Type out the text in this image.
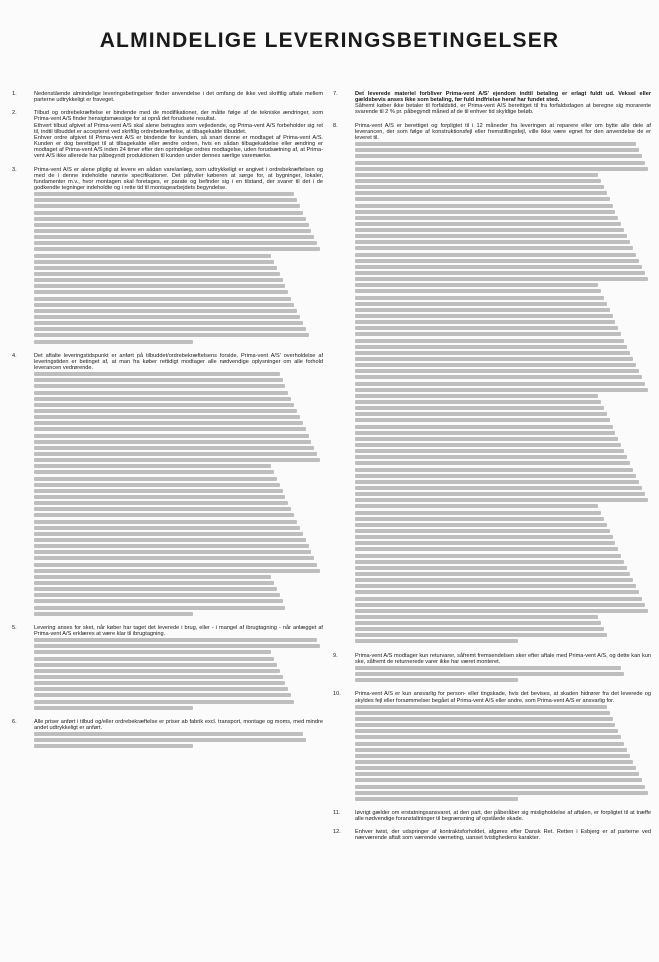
ALMINDELIGE LEVERINGSBETINGELSER
1.	Nedenstående almindelige leveringsbetingelser finder anvendelse i det omfang de ikke ved skriftlig aftale mellem parterne udtrykkeligt er fraveget.

2.	Tilbud og ordrebekræftelse er bindende med de modifikationer, der måtte følge af de tekniske ændringer, som Prima-vent A/S finder hensigtsmæssige for at opnå det forudsete resultat.

Ethvert tilbud afgivet af Prima-vent A/S skal alene betragtes som vejledende, og Prima-vent A/S forbeholder sig ret til, indtil tilbuddet er accepteret ved skriftlig ordrebekræftelse, at tilbagekalde tilbuddet.

Enhver ordre afgivet til Prima-vent A/S er bindende for kunden, så snart denne er modtaget af Prima-vent A/S. Kunden er dog berettiget til at tilbagekalde eller ændre ordren, hvis en sådan tilbagekaldelse eller ændring er modtaget af Prima-vent A/S inden 24 timer efter den oprindelige ordres modtagelse, uden forudsætning af, at Prima-vent A/S ikke allerede har påbegyndt produktionen til kunden under dennes særlige varemærke.

3.	Prima-vent A/S er alene pligtig at levere en sådan vare/anlæg, som udtrykkeligt er angivet i ordrebekræftelsen og med de i denne indeholdte nøvnte specifikationer. Det påhviler køberen at sørge for, at bygninger, lokaler, fundamenter m.v., hvor montagen skal foretages, er parate og befinder sig i en tilstand, der svarer til det i de godkendte tegninger indeholdte og i rette tid til montagearbejdets begyndelse.

4.	Det aftalte leveringstidspunkt er anført på tilbuddet/ordrebekræftelsens forside. Prima-vent A/S' overholdelse af leveringstiden er betinget af, at man fra køber rettidigt modtager alle nødvendige oplysninger om alle forhold leverancen vedrørende.

5.	Levering anses for sket, når køber har taget det leverede i brug, eller - i mangel af ibrugtagning - når anlægget af Prima-vent A/S erklæres at være klar til ibrugtagning.

6.	Alle priser anført i tilbud og/eller ordrebekræftelse er priser ab fabrik excl. transport, montage og moms, med mindre andet udtrykkeligt er anført.

7.	Det leverede materiel forbliver Prima-vent A/S' ejendom indtil betaling er erlagt fuldt ud. Veksel eller gældsbevis anses ikke som betaling, før fuld indfrielse heraf har fundet sted.

Såfremt køber ikke betaler til forfaldstid, er Prima-vent A/S berettiget til fra forfaldsdagen at beregne sig morarente svarende til 2 % pr. påbegyndt måned af de til enhver tid skyldige beløb.

8.	Prima-vent A/S er berettiget og forpligtet til i 12 måneder fra leveringen at reparere eller om bytte alle dele af leverancen, der som følge af konstruktionsfejl eller fremstillingsfejl, ville ikke være egnet for den anvendelse de er leveret til.

9.	Prima-vent A/S modtager kun returvarer, såfremt fremsendelsen sker efter aftale med Prima-vent A/S, og dette kan kun ske, såfremt de returnerede varer ikke har været monteret.

10.	Prima-vent A/S er kun ansvarlig for person- eller tingskade, hvis det bevises, at skaden hidrører fra det leverede og skyldes fejl eller forsømmelser begået af Prima-vent A/S eller andre, som Prima-vent A/S er ansvarlig for.

11.	Iøvrigt gælder om erstatningsansvaret, at den part, der påberåber sig misligholdelse af aftalen, er forpligtet til at træffe alle nødvendige foranstaltninger til begrænsning af opståede skade.

12.	Enhver twist, der udspringer af kontraktsforholdet, afgøres efter Dansk Ret. Retten i Esbjerg er af parterne ved nærværende aftalt som værende værneting, uanset tvistighedens karakter.
